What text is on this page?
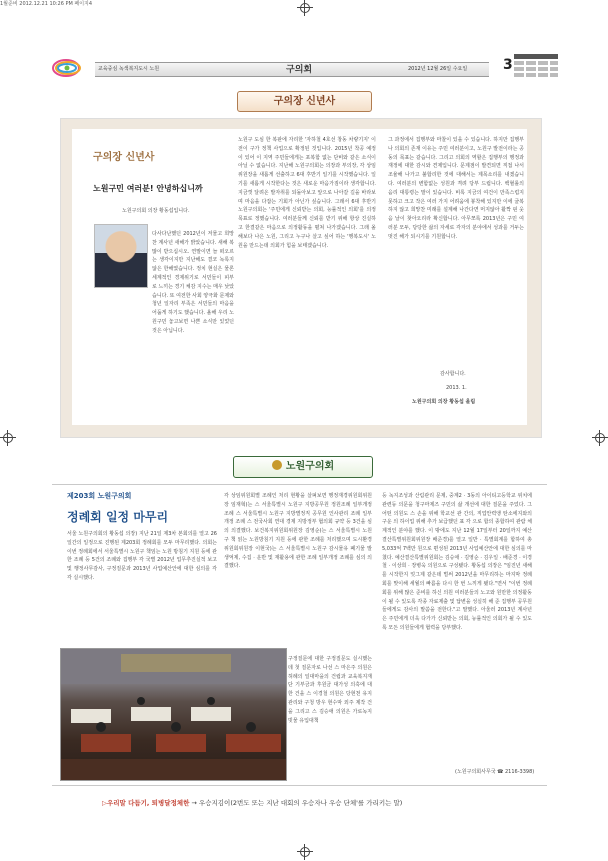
1월준비 2012.12.21 10:26 PM 페이지4
교육중심 녹색복지도시 노원	구의회	2012년 12월 26일 수요일	3
구의장 신년사
구의장 신년사
노원구민 여러분! 안녕하십니까
노원구의회 의장 황동섭입니다.
다사다난했던 2012년이 저물고 희망찬 계사년 새해가 밝았습니다. 새해 복 많이 받으십시오. 연말이면 늘 떠오르는 생각이지만 지난해도 결코 녹록지 않은 한해였습니다. 정치 현실은 물론 세계적인 경제위기로 서민들이 피부로 느끼는 경기 체감 지수는 매우 낮았습니다. 또 여전한 사회 양극화 문제와 청년 일자리 부족은 서민들의 마음을 어둡게 하기도 했습니다. 올해 우리 노원구민 놓고보면 나쁜 소식만 있었던 것은 아닙니다.
노원구 도심 한 복판에 자리한 '자하철 4호선 창동 차량기지' 이전이 구가 정책 사업으로 확정된 것입니다. 2015년 착공 예정이 있어 이 지역 주민들에게는 포복함 없는 단비와 같은 소식이 아닐 수 없습니다. 지난해 노원구의회는 의장과 부의장, 각 상임위원장을 새롭게 선출하고 6대 후반기 일기를 시작했습니다. 일기를 새롭게 시작한다는 것은 새로운 마음가짐이라 생각합니다. 지금껏 달려온 발자취를 되돌아보고 앞으로 나아갈 길을 바라보며 마음을 다잡는 기회가 아닌가 싶습니다. 그래서 6대 후반기 노원구의회는 '주민에게 신뢰받는 의회, 능률적인 의회'를 의정 목표로 정했습니다. 여러분들께 신뢰를 받기 위해 항상 진실하고 한결같은 마음으로 의정활동을 펼쳐 나가겠습니다. 그래 올해보다 나은 노원, 그리고 누구나 살고 싶어 하는 '행복도시' 노원을 만드는데 의회가 힘을 보태겠습니다.
그 과정에서 집행부와 마찰이 있을 수 있습니다. 하지만 집행부나 의회의 존재 이유는 주민 여러분이고, 노원구 발전이라는 공동의 목표는 같습니다. 그리고 의회의 역할은 집행부의 행정과 재정에 대한 감시와 견제입니다. 문제점이 발견되면 직접 나서 조율해 나가고 불합리한 것에 대해서는 제목소리를 내겠습니다. 여러분의 변함없는 성원과 격려 당부 드립니다. 백혈롤의 음리 대통령는 말이 있습니다. 비록 지금의 여건이 만족스럽지 못하고 크고 작은 여러 가지 어려움에 봉착해 있지만 이에 굴복하지 않고 희망찬 미래를 설계해 나간다면 머지않아 활짝 핀 웃음 날이 찾아오리라 확신합니다. 아무쪼록 2013년은 구민 여러분 모두, 당당한 삶의 자세로 각자의 분야에서 성과를 거두는 멋진 해가 되시기를 기원합니다.
감사합니다.
2013. 1.
노원구의회 의장 황동섭 올림
노원구의회
제203회 노원구의회
정례회 일정 마무리
서울 노원구의회의 황동섭 의장) 지난 21일 제3차 본회의를 열고 26일간의 일정으로 진행된 제203회 정례회를 모두 마무리했다. 의회는 이번 정례회에서 서울특별시 노원구 책임는 노원 방침기 지원 등에 관한 조례 등 5건의 조례와 집행부 각 국별 2012년 업무추진실적 보고 및 행정사무감사, 구정질문과 2013년 사업예산안에 대한 심의를 각각 실시했다.
각 상임위원회별 조례인 처리 현황을 살펴보면 행정재경위원회위원장 임재혁)는 스 서울특별시 노원구 지방공무원 정원조례 일부개정 조례 스 서울특별시 노원구 지방별정직 공무원 인사관리 조례 일부 개정 조례 스 전국사회 연대 경제 지방정부 협의회 규약 등 3건을 심의 의결했다. 보건복지위원회위원장 김영순)는 스 서울특별시 노원구 책 읽는 노원방침기 지원 등에 관한 조례를 처리했으며 도시환경위원회위원장 이현국)는 스 서울특별시 노원구 감시물유 폐기물 발생억제, 수집 · 운반 및 재활용에 관한 조례 일부개정 조례를 심의 의결했다.
구정질문에 대한 구정질문도 실시했는데 첫 질문자로 나선 스 마은주 의원은 허례의 일대마을의 건립과 교육복지재단 기부금과 후원금 대가성 의혹에 대한 건을 스 이경철 의원은 당현천 유지관리와 구청 방우 현수막 외주 제작 건을 그리고 스 김승애 의원은 가로녹지 빗물 유입대책
등 녹지조성과 산림관리 문제, 중계2 · 3동의 아이티고등학교 위치에 관련등 의문을 청구마제즈 구민의 삶 개선에 대한 질문을 주었다. 그 어떤 의원도 스 손을 위해 학교선 관 간의, 직업안력앵 탄소에지와의 구운 의 하이업 위해 추가 보급했던 표 각 으로 합의 종합하여 관람 체계적인 분야를 했다. 이 밖에도 지난 12월 17일부터 20일까지 예산결산특별위원회위원장 배준경)를 열고 일반 · 특별회계를 합하여 총 5,033억 7백만 원으로 편성된 2013년 사업예산안에 대한 심의를 마쳤다. 예산결산특별위원회는 김승애 · 김영순 · 김우일 · 배준경 · 이경철 · 이상희 · 장병욱 의원으로 구성됐다. 황동섭 의장은 "임진년 새해를 시작한지 엊그제 같은데 벌써 2012년을 마무리하는 마지막 정례회를 맞이해 세월의 빠름을 다시 한 번 느끼게 됐다."면서 "이번 정례회를 위해 많은 준비를 하신 의원 여러분들의 노고와 원만한 의정활동이 될 수 있도록 각종 자료제출 및 답변을 성실히 해 준 집행부 공무원들에게도 감사의 말씀을 전한다."고 말했다. 아울러 2013년 계사년은 주민에게 더욱 다가가 신뢰받는 의회, 능률적인 의회가 될 수 있도록 모든 의원들에게 협력을 당부했다.
(노원구의회사무국 ☎ 2116-3398)
▷우리말 다듬기, 퇴병달정체한 → 우승지김이(2번도 또는 지난 대회의 우승자나 우승 단체'를 가리키는 말)
